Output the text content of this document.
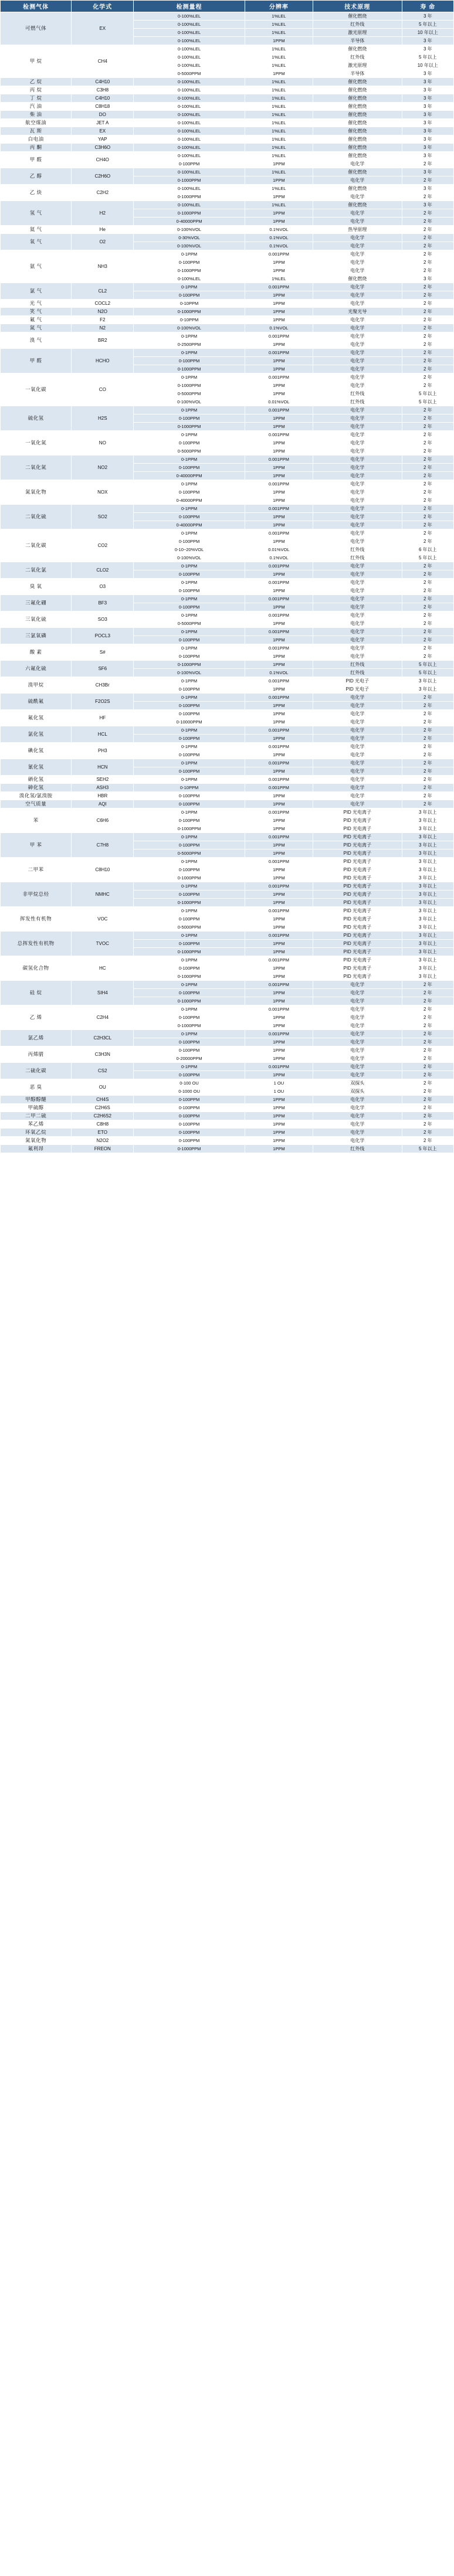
检测气体	化学式	检测量程	分辨率	技术原理	寿 命
可燃气体	EX	0-100%LEL	1%LEL	催化燃烧	3 年
		0-100%LEL	1%LEL	红外线	5 年以上
		0-100%LEL	1%LEL	激光原理	10 年以上
		0-100%LEL	1PPM	半导体	3 年
甲 烷	CH4	0-100%LEL	1%LEL	催化燃烧	3 年
		0-100%LEL	1%LEL	红外线	5 年以上
		0-100%LEL	1%LEL	激光原理	10 年以上
		0-5000PPM	1PPM	半导体	3 年
乙 烷	C4H10	0-100%LEL	1%LEL	催化燃烧	3 年
丙 烷	C3H8	0-100%LEL	1%LEL	催化燃烧	3 年
丁 烷	C4H10	0-100%LEL	1%LEL	催化燃烧	3 年
汽 油	C8H18	0-100%LEL	1%LEL	催化燃烧	3 年
柴 油	DO	0-100%LEL	1%LEL	催化燃烧	3 年
航空煤油	JET A	0-100%LEL	1%LEL	催化燃烧	3 年
瓦 斯	EX	0-100%LEL	1%LEL	催化燃烧	3 年
白电油	YAP	0-100%LEL	1%LEL	催化燃烧	3 年
丙 酮	C3H6O	0-100%LEL	1%LEL	催化燃烧	3 年
甲 醛	CH4O	0-100%LEL	1%LEL	催化燃烧	3 年
		0-100PPM	1PPM	电化学	2 年
乙 醇	C2H6O	0-100%LEL	1%LEL	催化燃烧	3 年
		0-1000PPM	1PPM	电化学	2 年
乙 炔	C2H2	0-100%LEL	1%LEL	催化燃烧	3 年
		0-1000PPM	1PPM	电化学	2 年
氢 气	H2	0-100%LEL	1%LEL	催化燃烧	3 年
		0-1000PPM	1PPM	电化学	2 年
		0-40000PPM	1PPM	电化学	2 年
氦 气	He	0-100%VOL	0.1%VOL	热导原理	2 年
氧 气	O2	0-30%VOL	0.1%VOL	电化学	2 年
		0-100%VOL	0.1%VOL	电化学	2 年
氨 气	NH3	0-1PPM	0.001PPM	电化学	2 年
		0-100PPM	1PPM	电化学	2 年
		0-1000PPM	1PPM	电化学	2 年
		0-100%LEL	1%LEL	催化燃烧	3 年
氯 气	CL2	0-1PPM	0.001PPM	电化学	2 年
		0-100PPM	1PPM	电化学	2 年
光 气	COCL2	0-10PPM	1PPM	电化学	2 年
笑 气	N2O	0-1000PPM	1PPM	光聚光导	2 年
氟 气	F2	0-10PPM	1PPM	电化学	2 年
氮 气	N2	0-100%VOL	0.1%VOL	电化学	2 年
溴 气	BR2	0-1PPM	0.001PPM	电化学	2 年
		0-2500PPM	1PPM	电化学	2 年
甲 醛	HCHO	0-1PPM	0.001PPM	电化学	2 年
		0-100PPM	1PPM	电化学	2 年
		0-1000PPM	1PPM	电化学	2 年
一氧化碳	CO	0-1PPM	0.001PPM	电化学	2 年
		0-1000PPM	1PPM	电化学	2 年
		0-5000PPM	1PPM	红外线	5 年以上
		0-100%VOL	0.01%VOL	红外线	5 年以上
硫化氢	H2S	0-1PPM	0.001PPM	电化学	2 年
		0-100PPM	1PPM	电化学	2 年
		0-1000PPM	1PPM	电化学	2 年
一氧化氮	NO	0-1PPM	0.001PPM	电化学	2 年
		0-100PPM	1PPM	电化学	2 年
		0-5000PPM	1PPM	电化学	2 年
二氧化氮	NO2	0-1PPM	0.001PPM	电化学	2 年
		0-100PPM	1PPM	电化学	2 年
		0-40000PPM	1PPM	电化学	2 年
氮氧化物	NOX	0-1PPM	0.001PPM	电化学	2 年
		0-100PPM	1PPM	电化学	2 年
		0-40000PPM	1PPM	电化学	2 年
二氧化硫	SO2	0-1PPM	0.001PPM	电化学	2 年
		0-100PPM	1PPM	电化学	2 年
		0-40000PPM	1PPM	电化学	2 年
二氧化碳	CO2	0-1PPM	0.001PPM	电化学	2 年
		0-100PPM	1PPM	电化学	2 年
		0-10~20%VOL	0.01%VOL	红外线	6 年以上
		0-100%VOL	0.1%VOL	红外线	5 年以上
二氧化氯	CLO2	0-1PPM	0.001PPM	电化学	2 年
		0-100PPM	1PPM	电化学	2 年
臭 氧	O3	0-1PPM	0.001PPM	电化学	2 年
		0-100PPM	1PPM	电化学	2 年
三氟化硼	BF3	0-1PPM	0.001PPM	电化学	2 年
		0-100PPM	1PPM	电化学	2 年
三氧化硫	SO3	0-1PPM	0.001PPM	电化学	2 年
		0-5000PPM	1PPM	电化学	2 年
三氯氧磷	POCL3	0-1PPM	0.001PPM	电化学	2 年
		0-100PPM	1PPM	电化学	2 年
酸 素	S#	0-1PPM	0.001PPM	电化学	2 年
		0-100PPM	1PPM	电化学	2 年
六氟化硫	SF6	0-1000PPM	1PPM	红外线	5 年以上
		0-100%VOL	0.1%VOL	红外线	5 年以上
溴甲烷	CH3Br	0-1PPM	0.001PPM	PID 光电子	3 年以上
		0-100PPM	1PPM	PID 光电子	3 年以上
硫酰氟	F2O2S	0-1PPM	0.001PPM	电化学	2 年
		0-100PPM	1PPM	电化学	2 年
氟化氢	HF	0-100PPM	1PPM	电化学	2 年
		0-10000PPM	1PPM	电化学	2 年
氯化氢	HCL	0-1PPM	0.001PPM	电化学	2 年
		0-100PPM	1PPM	电化学	2 年
碘化氢	PH3	0-1PPM	0.001PPM	电化学	2 年
		0-100PPM	1PPM	电化学	2 年
氰化氢	HCN	0-1PPM	0.001PPM	电化学	2 年
		0-100PPM	1PPM	电化学	2 年
硒化氢	SEH2	0-1PPM	0.001PPM	电化学	2 年
砷化氢	ASH3	0-10PPM	0.001PPM	电化学	2 年
溴化氢/氯溴胺	HBR	0-100PPM	1PPM	电化学	2 年
空气质量	AQI	0-100PPM	1PPM	电化学	2 年
苯	C6H6	0-1PPM	0.001PPM	PID 光电离子	3 年以上
		0-100PPM	1PPM	PID 光电离子	3 年以上
		0-1000PPM	1PPM	PID 光电离子	3 年以上
甲 苯	C7H8	0-1PPM	0.001PPM	PID 光电离子	3 年以上
		0-100PPM	1PPM	PID 光电离子	3 年以上
		0-5000PPM	1PPM	PID 光电离子	3 年以上
二甲苯	C8H10	0-1PPM	0.001PPM	PID 光电离子	3 年以上
		0-100PPM	1PPM	PID 光电离子	3 年以上
		0-1000PPM	1PPM	PID 光电离子	3 年以上
非甲烷总烃	NMHC	0-1PPM	0.001PPM	PID 光电离子	3 年以上
		0-100PPM	1PPM	PID 光电离子	3 年以上
		0-1000PPM	1PPM	PID 光电离子	3 年以上
挥发性有机物	VOC	0-1PPM	0.001PPM	PID 光电离子	3 年以上
		0-100PPM	1PPM	PID 光电离子	3 年以上
		0-5000PPM	1PPM	PID 光电离子	3 年以上
总挥发性有机物	TVOC	0-1PPM	0.001PPM	PID 光电离子	3 年以上
		0-100PPM	1PPM	PID 光电离子	3 年以上
		0-1000PPM	1PPM	PID 光电离子	3 年以上
碳氢化合物	HC	0-1PPM	0.001PPM	PID 光电离子	3 年以上
		0-100PPM	1PPM	PID 光电离子	3 年以上
		0-1000PPM	1PPM	PID 光电离子	3 年以上
硅 烷	SIH4	0-1PPM	0.001PPM	电化学	2 年
		0-100PPM	1PPM	电化学	2 年
		0-1000PPM	1PPM	电化学	2 年
乙 烯	C2H4	0-1PPM	0.001PPM	电化学	2 年
		0-100PPM	1PPM	电化学	2 年
		0-1000PPM	1PPM	电化学	2 年
氯乙烯	C2H3CL	0-1PPM	0.001PPM	电化学	2 年
		0-100PPM	1PPM	电化学	2 年
丙烯腈	C3H3N	0-100PPM	1PPM	电化学	2 年
		0-20000PPM	1PPM	电化学	2 年
二硫化碳	CS2	0-1PPM	0.001PPM	电化学	2 年
		0-100PPM	1PPM	电化学	2 年
恶 臭	OU	0-100 OU	1 OU	双探头	2 年
		0-1000 OU	1 OU	双探头	2 年
甲醇醇醚	CH4S	0-100PPM	1PPM	电化学	2 年
甲硫醇	C2H6S	0-100PPM	1PPM	电化学	2 年
二甲二硫	C2H6S2	0-100PPM	1PPM	电化学	2 年
苯乙烯	C8H8	0-100PPM	1PPM	电化学	2 年
环氧乙烷	ETO	0-100PPM	1PPM	电化学	2 年
氮氧化物	N2O2	0-100PPM	1PPM	电化学	2 年
氟利昂	FREON	0-1000PPM	1PPM	红外线	5 年以上
